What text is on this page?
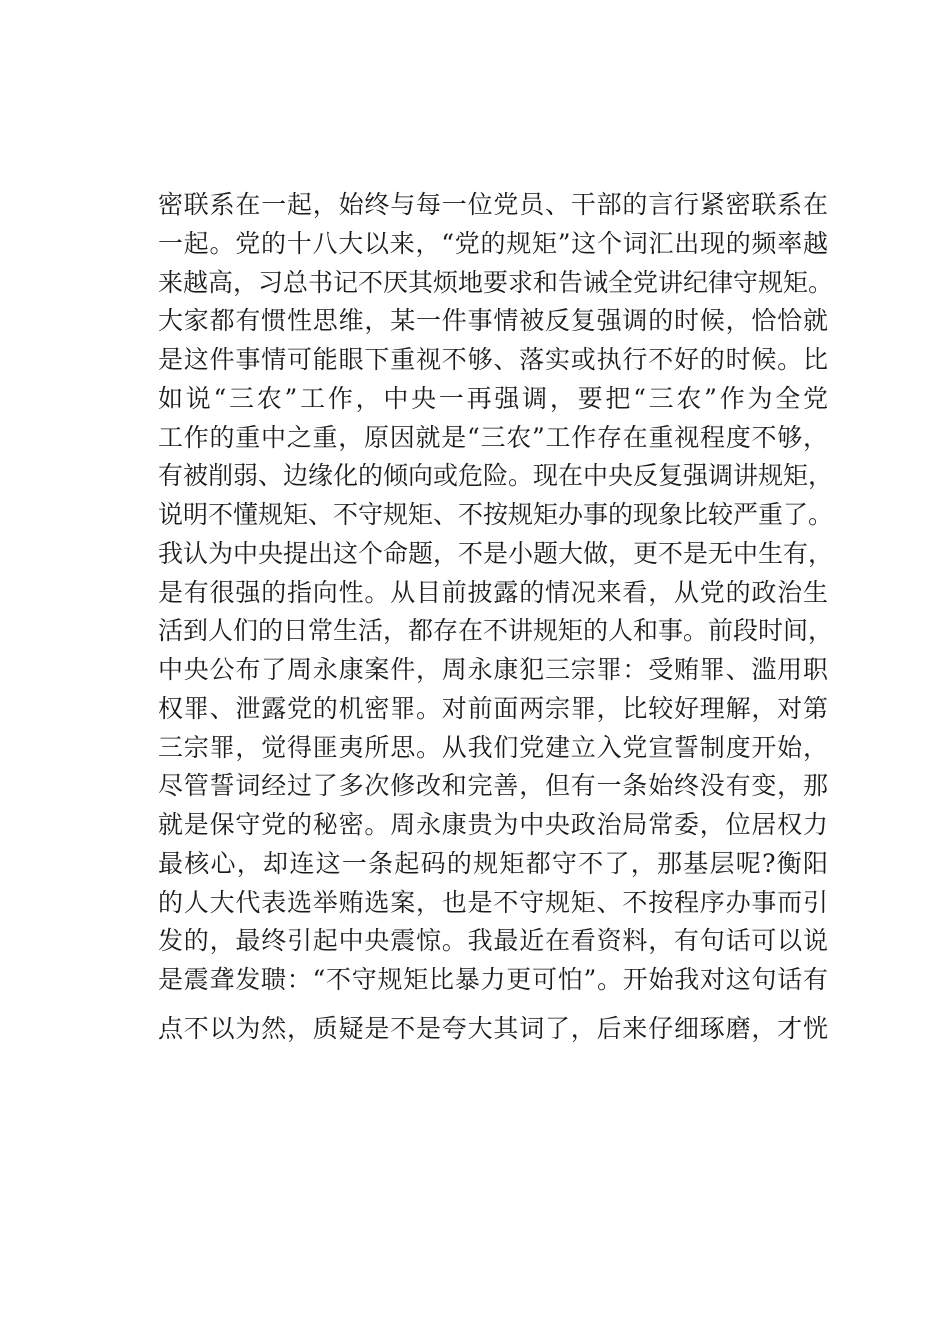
密联系在一起，始终与每一位党员、干部的言行紧密联系在
一起。党的十八大以来，“党的规矩”这个词汇出现的频率越
来越高，习总书记不厌其烦地要求和告诫全党讲纪律守规矩。
大家都有惯性思维，某一件事情被反复强调的时候，恰恰就
是这件事情可能眼下重视不够、落实或执行不好的时候。比
如说“三农”工作，中央一再强调，要把“三农”作为全党
工作的重中之重，原因就是“三农”工作存在重视程度不够，
有被削弱、边缘化的倾向或危险。现在中央反复强调讲规矩，
说明不懂规矩、不守规矩、不按规矩办事的现象比较严重了。
我认为中央提出这个命题，不是小题大做，更不是无中生有，
是有很强的指向性。从目前披露的情况来看，从党的政治生
活到人们的日常生活，都存在不讲规矩的人和事。前段时间，
中央公布了周永康案件，周永康犯三宗罪：受贿罪、滥用职
权罪、泄露党的机密罪。对前面两宗罪，比较好理解，对第
三宗罪，觉得匪夷所思。从我们党建立入党宣誓制度开始，
尽管誓词经过了多次修改和完善，但有一条始终没有变，那
就是保守党的秘密。周永康贵为中央政治局常委，位居权力
最核心，却连这一条起码的规矩都守不了，那基层呢?衡阳
的人大代表选举贿选案，也是不守规矩、不按程序办事而引
发的，最终引起中央震惊。我最近在看资料，有句话可以说
是震聋发聩：“不守规矩比暴力更可怕”。开始我对这句话有
点不以为然，质疑是不是夸大其词了，后来仔细琢磨，才恍
